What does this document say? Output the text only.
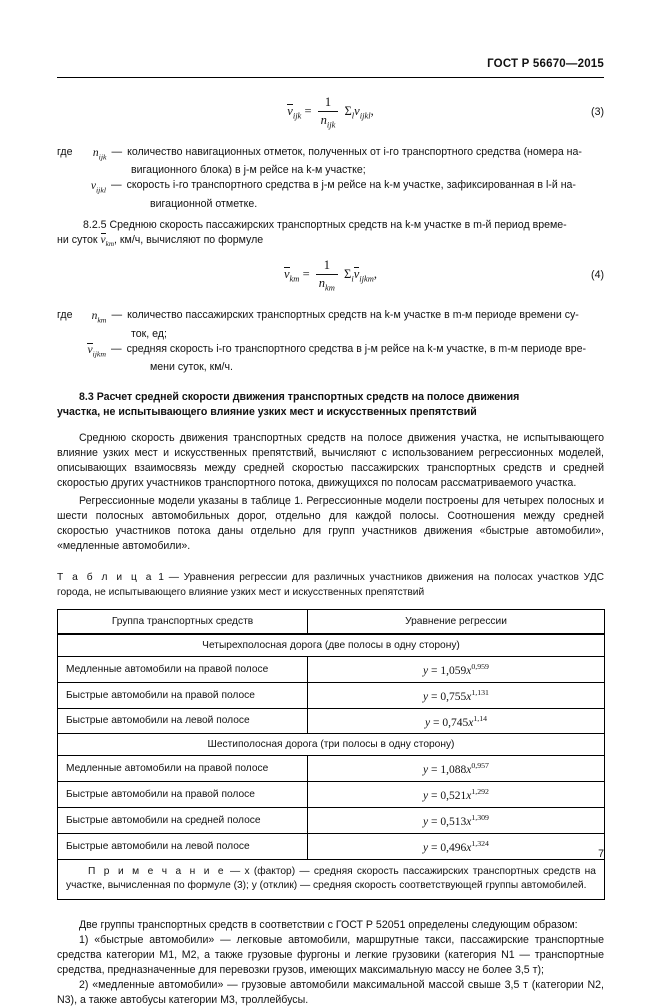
ГОСТ Р 56670—2015
$v_{ijk} = \frac{1}{n_{ijk}} \Sigma_lv_{ijkl}$,	(3)
где	$n_{ijk}$ — количество навигационных отметок, полученных от i-го транспортного средства (номера на-
вигационного блока) в j-м рейсе на k-м участке;
$v_{ijkl}$ — скорость i-го транспортного средства в j-м рейсе на k-м участке, зафиксированная в l-й на-
вигационной отметке.

8.2.5 Среднюю скорость пассажирских транспортных средств на k-м участке в m-й период време-

ни суток $v_{km}$, км/ч, вычисляют по формуле

$v_{km} = \frac{1}{n_{km}} \Sigma_iv_{ijkm}$,	(4)
где	$n_{km}$ — количество пассажирских транспортных средств на k-м участке в m-м периоде времени су-
ток, ед;
$v_{ijkm}$ — средняя скорость i-го транспортного средства в j-м рейсе на k-м участке, в m-м периоде вре-
мени суток, км/ч.
8.3 Расчет средней скорости движения транспортных средств на полосе движения
участка, не испытывающего влияние узких мест и искусственных препятствий

Среднюю скорость движения транспортных средств на полосе движения участка, не испытывающего влияние узких мест и искусственных препятствий, вычисляют с использованием регрессионных моделей, описывающих взаимосвязь между средней скоростью пассажирских транспортных средств и средней скоростью других участников транспортного потока, движущихся по полосам рассматриваемого участка.

Регрессионные модели указаны в таблице 1. Регрессионные модели построены для четырех полосных и шести полосных автомобильных дорог, отдельно для каждой полосы. Соотношения между средней скоростью участников потока даны отдельно для групп участников движения «быстрые автомобили», «медленные автомобили».

Т а б л и ц а 1 — Уравнения регрессии для различных участников движения на полосах участков УДС города, не испытывающего влияние узких мест и искусственных препятствий
Группа транспортных средств	Уравнение регрессии
Четырехполосная дорога (две полосы в одну сторону)	
Медленные автомобили на правой полосе	$y = 1,059x^{0,959}$
Быстрые автомобили на правой полосе	$y = 0,755x^{1,131}$
Быстрые автомобили на левой полосе	$y = 0,745x^{1,14}$
Шестиполосная дорога (три полосы в одну сторону)	
Медленные автомобили на правой полосе	$y = 1,088x^{0,957}$
Быстрые автомобили на правой полосе	$y = 0,521x^{1,292}$
Быстрые автомобили на средней полосе	$y = 0,513x^{1,309}$
Быстрые автомобили на левой полосе	$y = 0,496x^{1,324}$
П р и м е ч а н и е — x (фактор) — средняя скорость пассажирских транспортных средств на участке, вычисленная по формуле (3); y (отклик) — средняя скорость соответствующей группы автомобилей.	

Две группы транспортных средств в соответствии с ГОСТ Р 52051 определены следующим образом:

1) «быстрые автомобили» — легковые автомобили, маршрутные такси, пассажирские транспортные средства категории М1, М2, а также грузовые фургоны и легкие грузовики (категория N1 — транспортные средства, предназначенные для перевозки грузов, имеющих максимальную массу не более 3,5 т);

2) «медленные автомобили» — грузовые автомобили максимальной массой свыше 3,5 т (категории N2, N3), а также автобусы категории М3, троллейбусы.

7
